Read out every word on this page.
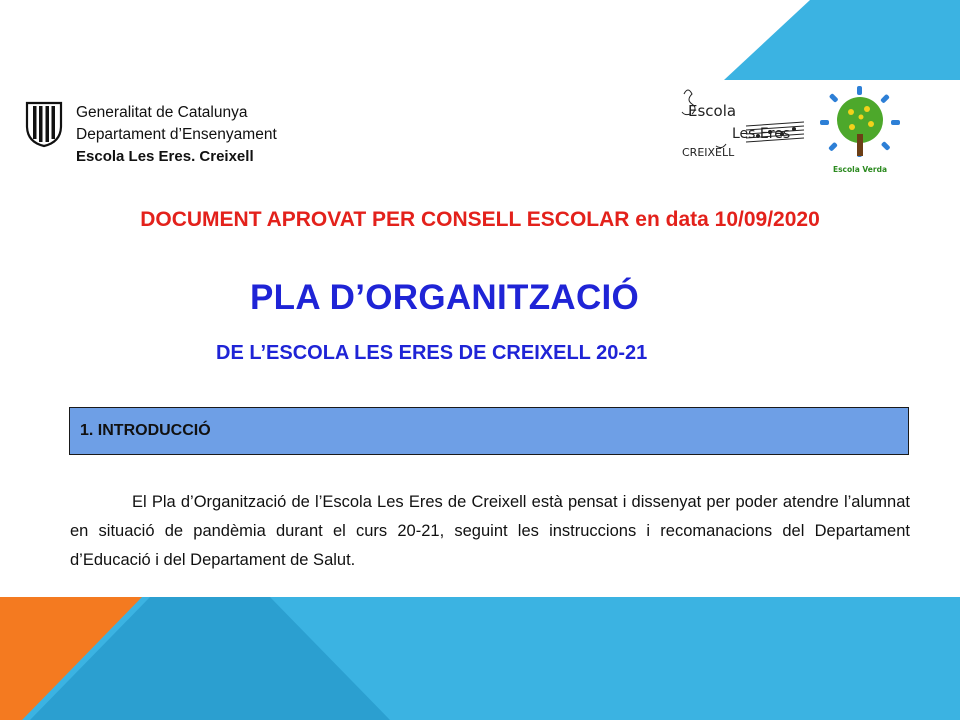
Generalitat de Catalunya
Departament d’Ensenyament
Escola Les Eres. Creixell
Escola
Les Eres
CREIXELL
Escola Verda
DOCUMENT APROVAT PER CONSELL ESCOLAR en data 10/09/2020
PLA D’ORGANITZACIÓ
DE L’ESCOLA LES ERES DE CREIXELL 20-21
1. INTRODUCCIÓ
El Pla d’Organització de l’Escola Les Eres de Creixell està pensat i dissenyat per poder atendre l’alumnat en situació de pandèmia durant el curs 20-21, seguint les instruccions i recomanacions del Departament d’Educació i del Departament de Salut.
